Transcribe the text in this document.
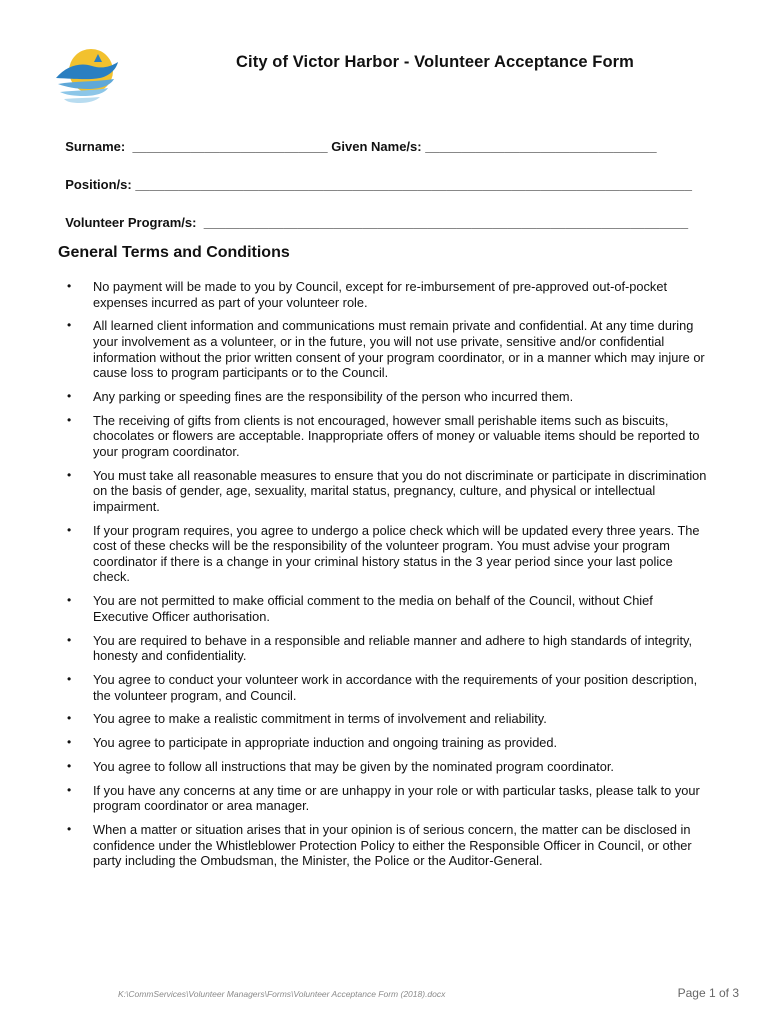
City of Victor Harbor - Volunteer Acceptance Form

Surname: ___________________________ Given Name/s: ________________________________

Position/s: _____________________________________________________________________________

Volunteer Program/s: ___________________________________________________________________

General Terms and Conditions
• No payment will be made to you by Council, except for re-imbursement of pre-approved out-of-pocket expenses incurred as part of your volunteer role.
• All learned client information and communications must remain private and confidential. At any time during your involvement as a volunteer, or in the future, you will not use private, sensitive and/or confidential information without the prior written consent of your program coordinator, or in a manner which may injure or cause loss to program participants or to the Council.
• Any parking or speeding fines are the responsibility of the person who incurred them.
• The receiving of gifts from clients is not encouraged, however small perishable items such as biscuits, chocolates or flowers are acceptable. Inappropriate offers of money or valuable items should be reported to your program coordinator.
• You must take all reasonable measures to ensure that you do not discriminate or participate in discrimination on the basis of gender, age, sexuality, marital status, pregnancy, culture, and physical or intellectual impairment.
• If your program requires, you agree to undergo a police check which will be updated every three years. The cost of these checks will be the responsibility of the volunteer program. You must advise your program coordinator if there is a change in your criminal history status in the 3 year period since your last police check.
• You are not permitted to make official comment to the media on behalf of the Council, without Chief Executive Officer authorisation.
• You are required to behave in a responsible and reliable manner and adhere to high standards of integrity, honesty and confidentiality.
• You agree to conduct your volunteer work in accordance with the requirements of your position description, the volunteer program, and Council.
• You agree to make a realistic commitment in terms of involvement and reliability.
• You agree to participate in appropriate induction and ongoing training as provided.
• You agree to follow all instructions that may be given by the nominated program coordinator.
• If you have any concerns at any time or are unhappy in your role or with particular tasks, please talk to your program coordinator or area manager.
• When a matter or situation arises that in your opinion is of serious concern, the matter can be disclosed in confidence under the Whistleblower Protection Policy to either the Responsible Officer in Council, or other party including the Ombudsman, the Minister, the Police or the Auditor-General.
K:\CommServices\Volunteer Managers\Forms\Volunteer Acceptance Form (2018).docx	Page 1 of 3
